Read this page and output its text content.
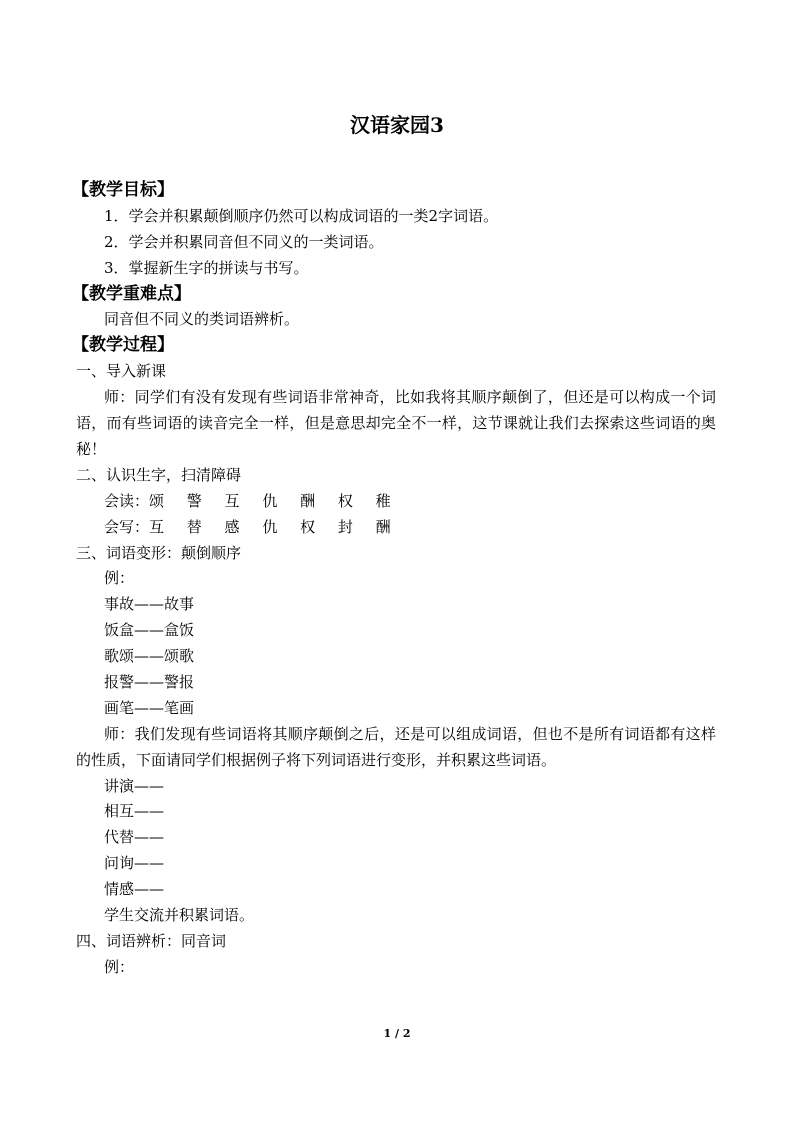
汉语家园3
【教学目标】
1．学会并积累颠倒顺序仍然可以构成词语的一类2字词语。
2．学会并积累同音但不同义的一类词语。
3．掌握新生字的拼读与书写。
【教学重难点】
同音但不同义的类词语辨析。
【教学过程】
一、导入新课
师：同学们有没有发现有些词语非常神奇，比如我将其顺序颠倒了，但还是可以构成一个词语，而有些词语的读音完全一样，但是意思却完全不一样，这节课就让我们去探索这些词语的奥秘！
二、认识生字，扫清障碍
会读：颂 警 互 仇 酬 权 稚
会写：互 替 感 仇 权 封 酬
三、词语变形：颠倒顺序
例：
事故——故事
饭盒——盒饭
歌颂——颂歌
报警——警报
画笔——笔画
师：我们发现有些词语将其顺序颠倒之后，还是可以组成词语，但也不是所有词语都有这样的性质，下面请同学们根据例子将下列词语进行变形，并积累这些词语。
讲演——
相互——
代替——
问询——
情感——
学生交流并积累词语。
四、词语辨析：同音词
例：
1 / 2
